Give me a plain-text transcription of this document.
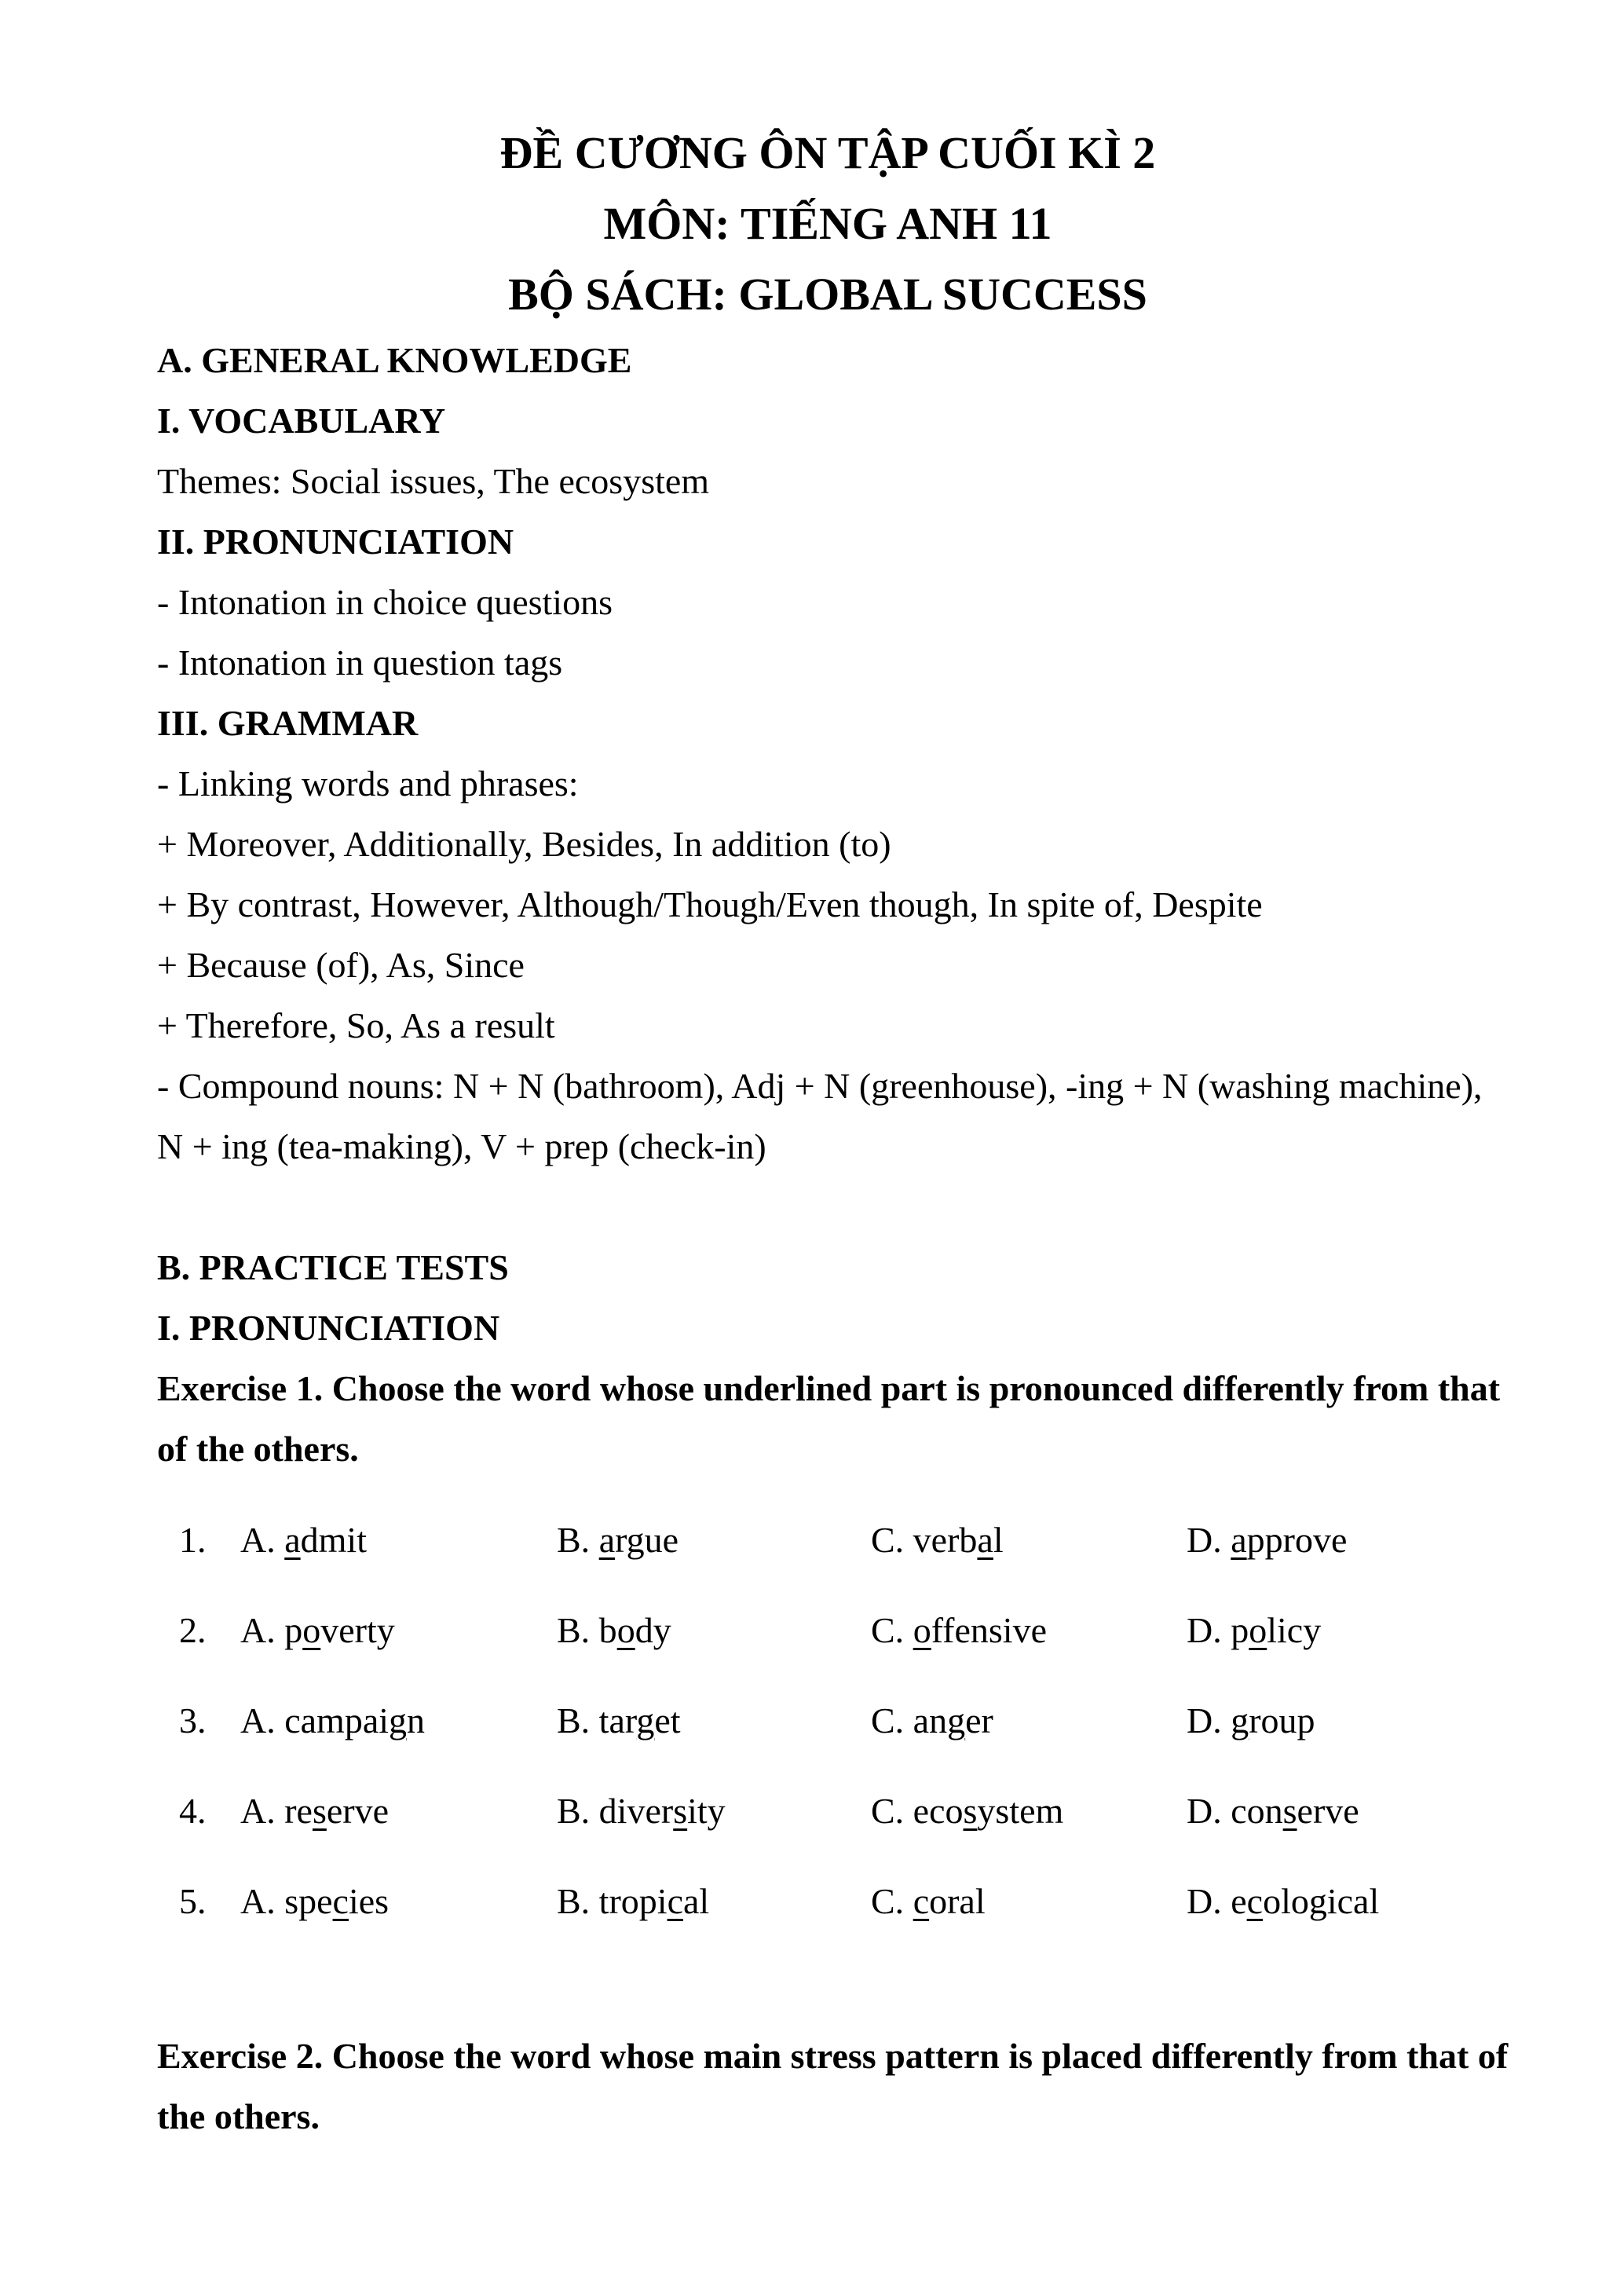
ĐỀ CƯƠNG ÔN TẬP CUỐI KÌ 2
MÔN: TIẾNG ANH 11
BỘ SÁCH: GLOBAL SUCCESS
A. GENERAL KNOWLEDGE
I. VOCABULARY
Themes: Social issues, The ecosystem
II. PRONUNCIATION
- Intonation in choice questions
- Intonation in question tags
III. GRAMMAR
- Linking words and phrases:
+ Moreover, Additionally, Besides, In addition (to)
+ By contrast, However, Although/Though/Even though, In spite of, Despite
+ Because (of), As, Since
+ Therefore, So, As a result
- Compound nouns: N + N (bathroom), Adj + N (greenhouse), -ing + N (washing machine),
N + ing (tea-making), V + prep (check-in)
B. PRACTICE TESTS
I. PRONUNCIATION
Exercise 1. Choose the word whose underlined part is pronounced differently from that
of the others.
1. A. admit	B. argue	C. verbal	D. approve
2. A. poverty	B. body	C. offensive	D. policy
3. A. campaign	B. target	C. anger	D. group
4. A. reserve	B. diversity	C. ecosystem	D. conserve
5. A. species	B. tropical	C. coral	D. ecological
Exercise 2. Choose the word whose main stress pattern is placed differently from that of
the others.
